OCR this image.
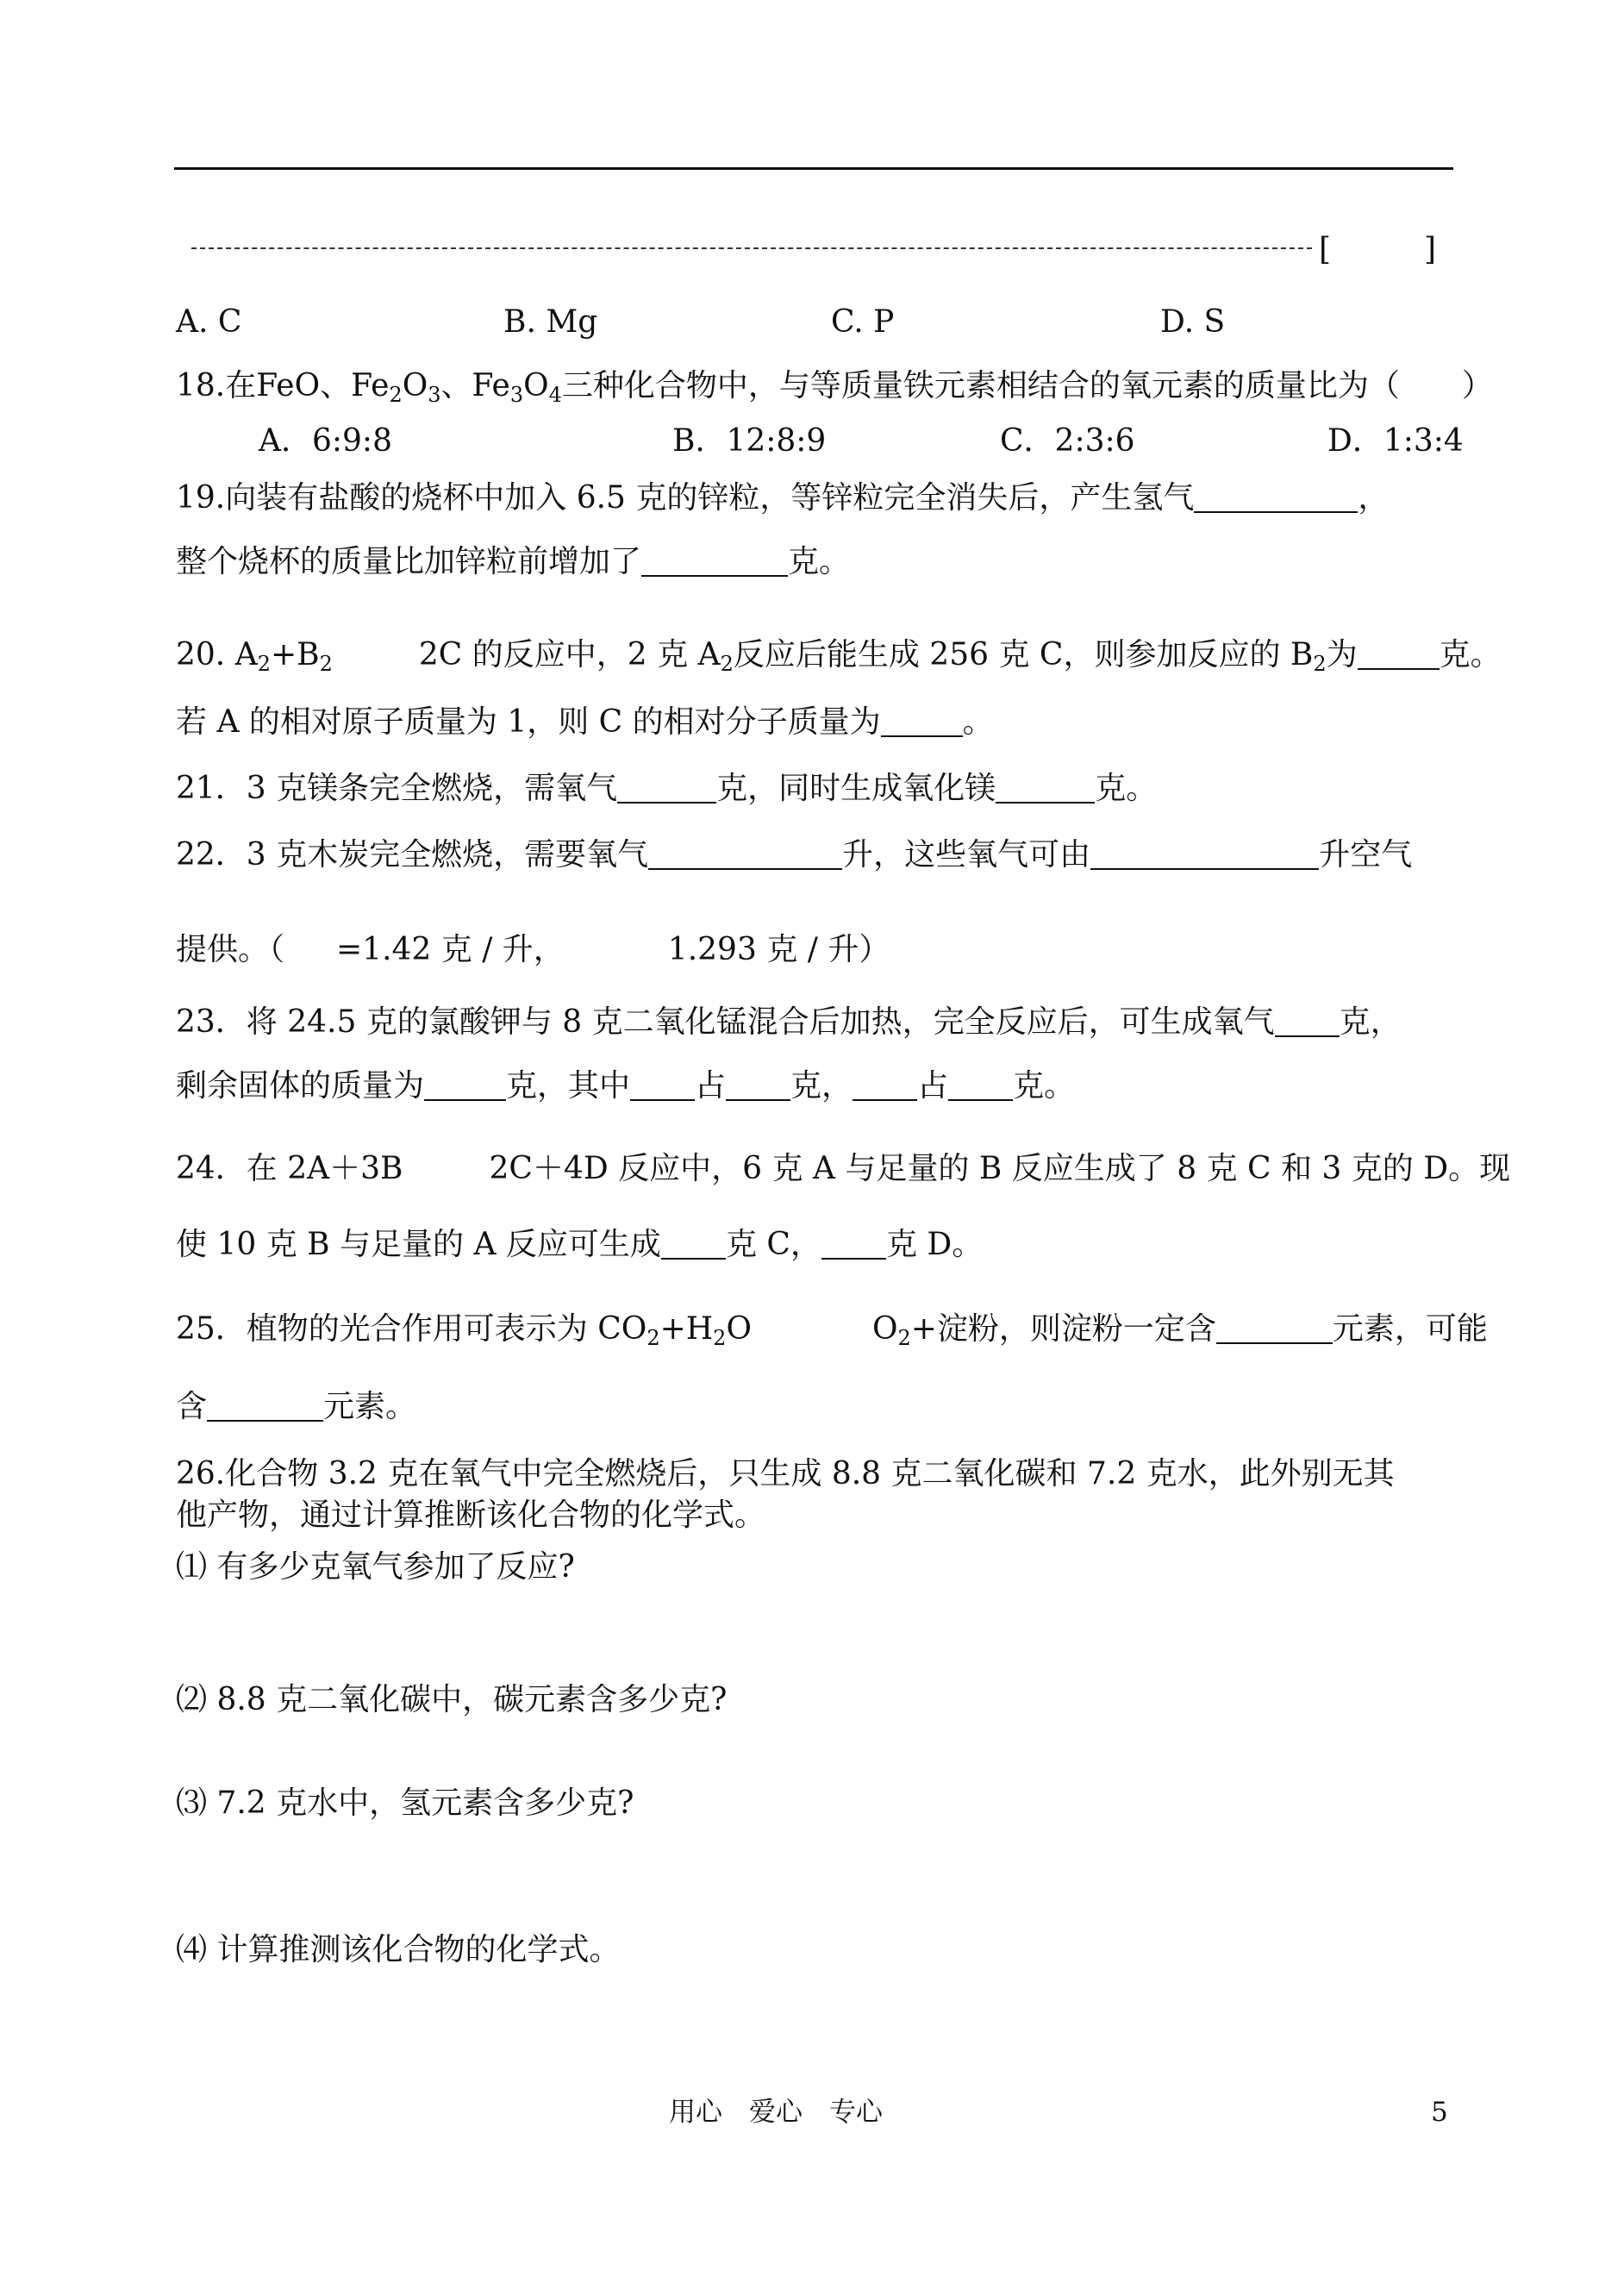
[　　　]
A. C	B. Mg	C. P	D. S
18.在FeO、$Fe_2O_3$、$Fe_3O_4$三种化合物中，与等质量铁元素相结合的氧元素的质量比为（　　）
A．6:9:8	B．12:8:9	C．2:3:6	D．1:3:4
19.向装有盐酸的烧杯中加入 6.5 克的锌粒，等锌粒完全消失后，产生氢气	，
整个烧杯的质量比加锌粒前增加了	克。
20. $A_2+B_2$	2C 的反应中，2 克 $A_2$反应后能生成 256 克 C，则参加反应的 $B_2$为	克。
若 A 的相对原子质量为 1，则 C 的相对分子质量为	。
21．3 克镁条完全燃烧，需氧气	克，同时生成氧化镁	克。
22．3 克木炭完全燃烧，需要氧气	升，这些氧气可由	升空气
提供。（ =1.42 克 / 升，	1.293 克 / 升）
23．将 24.5 克的氯酸钾与 8 克二氧化锰混合后加热，完全反应后，可生成氧气 克，
剩余固体的质量为	克，其中 占 克， 占 克。
24．在 2A＋3B	2C＋4D 反应中，6 克 A 与足量的 B 反应生成了 8 克 C 和 3 克的 D。现
使 10 克 B 与足量的 A 反应可生成 克 C， 克 D。
25．植物的光合作用可表示为 $CO_2+H_2O$	$O_2+$淀粉，则淀粉一定含	元素，可能
含	元素。
26.化合物 3.2 克在氧气中完全燃烧后，只生成 8.8 克二氧化碳和 7.2 克水，此外别无其
他产物，通过计算推断该化合物的化学式。
⑴ 有多少克氧气参加了反应?
⑵ 8.8 克二氧化碳中，碳元素含多少克?
⑶ 7.2 克水中，氢元素含多少克?
⑷ 计算推测该化合物的化学式。
用心　爱心　专心	5
